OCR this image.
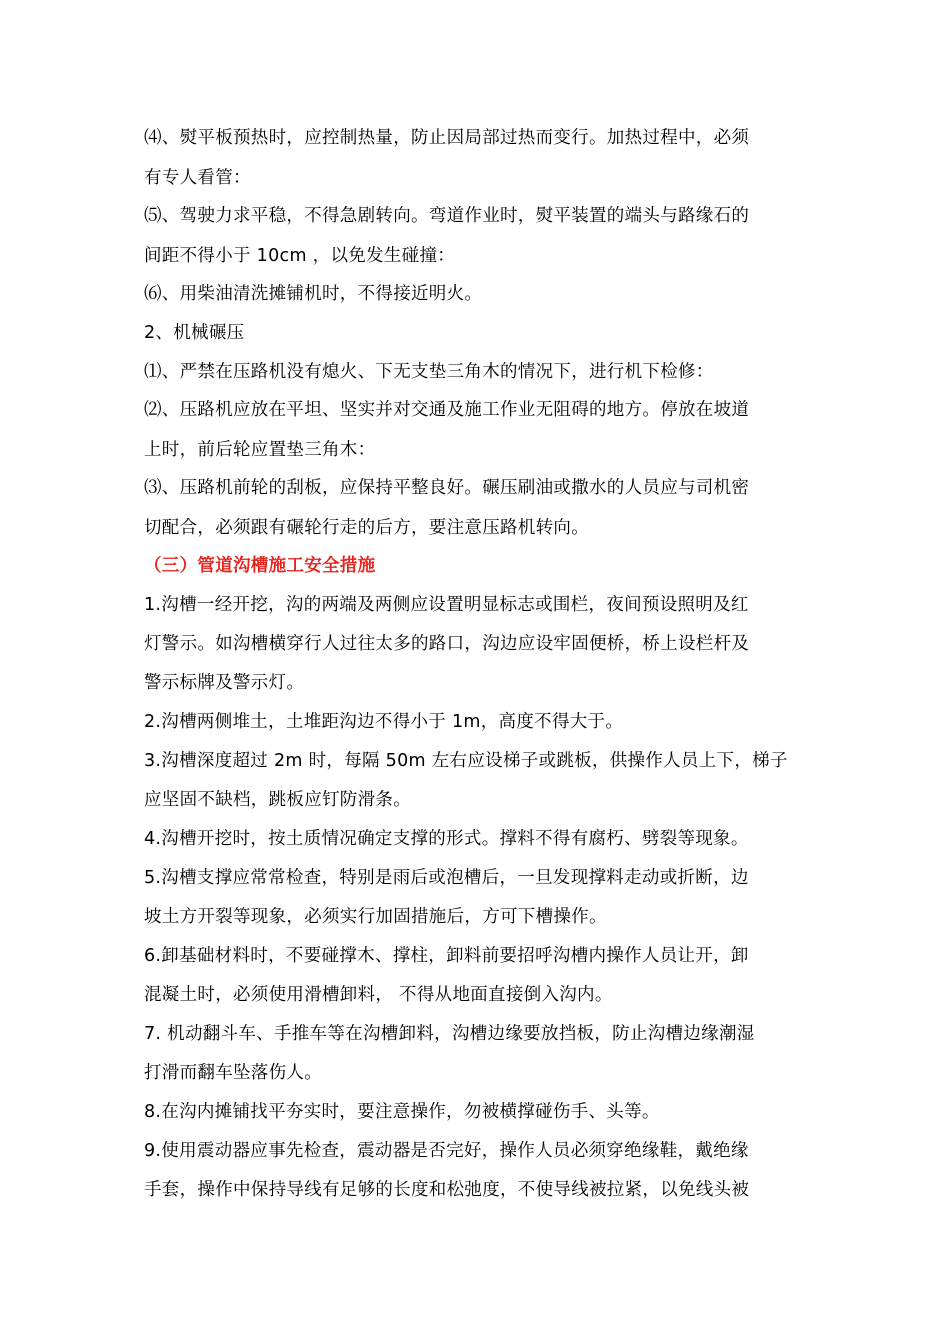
⑷、熨平板预热时，应控制热量，防止因局部过热而变行。加热过程中，必须
有专人看管：
⑸、驾驶力求平稳，不得急剧转向。弯道作业时，熨平装置的端头与路缘石的
间距不得小于 10cm ，以免发生碰撞：
⑹、用柴油清洗摊铺机时，不得接近明火。
2、机械碾压
⑴、严禁在压路机没有熄火、下无支垫三角木的情况下，进行机下检修：
⑵、压路机应放在平坦、坚实并对交通及施工作业无阻碍的地方。停放在坡道
上时，前后轮应置垫三角木：
⑶、压路机前轮的刮板，应保持平整良好。碾压刷油或撒水的人员应与司机密
切配合，必须跟有碾轮行走的后方，要注意压路机转向。
（三）管道沟槽施工安全措施
1.沟槽一经开挖，沟的两端及两侧应设置明显标志或围栏，夜间预设照明及红
灯警示。如沟槽横穿行人过往太多的路口，沟边应设牢固便桥，桥上设栏杆及
警示标牌及警示灯。
2.沟槽两侧堆土，土堆距沟边不得小于 1m，高度不得大于。
3.沟槽深度超过 2m 时，每隔 50m 左右应设梯子或跳板，供操作人员上下，梯子
应坚固不缺档，跳板应钉防滑条。
4.沟槽开挖时，按土质情况确定支撑的形式。撑料不得有腐朽、劈裂等现象。
5.沟槽支撑应常常检查，特别是雨后或泡槽后，一旦发现撑料走动或折断，边
坡土方开裂等现象，必须实行加固措施后，方可下槽操作。
6.卸基础材料时，不要碰撑木、撑柱，卸料前要招呼沟槽内操作人员让开，卸
混凝土时，必须使用滑槽卸料， 不得从地面直接倒入沟内。
7. 机动翻斗车、手推车等在沟槽卸料，沟槽边缘要放挡板，防止沟槽边缘潮湿
打滑而翻车坠落伤人。
8.在沟内摊铺找平夯实时，要注意操作，勿被横撑碰伤手、头等。
9.使用震动器应事先检查，震动器是否完好，操作人员必须穿绝缘鞋，戴绝缘
手套，操作中保持导线有足够的长度和松弛度，不使导线被拉紧，以免线头被
